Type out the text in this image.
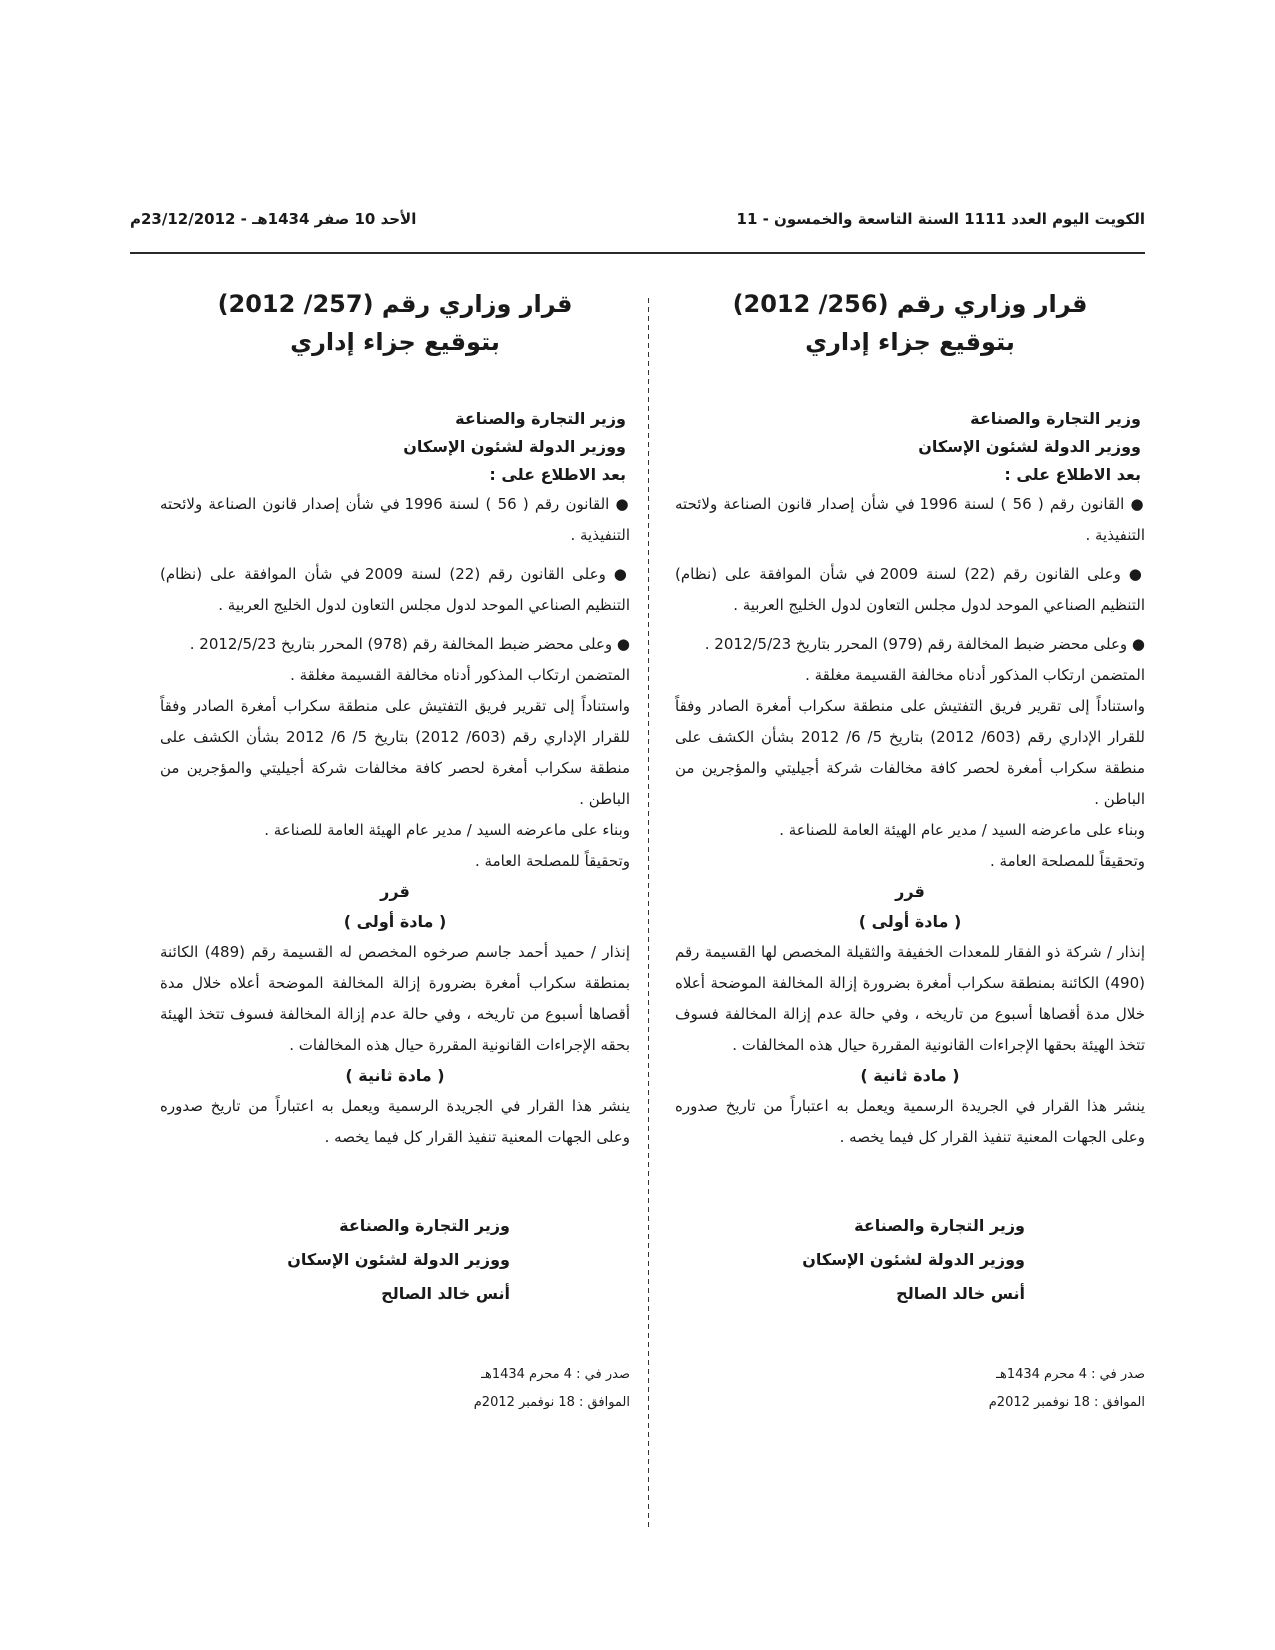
الكويت اليوم العدد 1111 السنة التاسعة والخمسون - 11
الأحد 10 صفر 1434هـ - 23/12/2012م
قرار وزاري رقم (256/ 2012)
بتوقيع جزاء إداري

وزير التجارة والصناعة

ووزير الدولة لشئون الإسكان

بعد الاطلاع على :

● القانون رقم ( 56 ) لسنة 1996 في شأن إصدار قانون الصناعة ولائحته التنفيذية .

● وعلى القانون رقم (22) لسنة 2009 في شأن الموافقة على (نظام) التنظيم الصناعي الموحد لدول مجلس التعاون لدول الخليج العربية .

● وعلى محضر ضبط المخالفة رقم (979) المحرر بتاريخ 2012/5/23 .

المتضمن ارتكاب المذكور أدناه مخالفة القسيمة مغلقة .

واستناداً إلى تقرير فريق التفتيش على منطقة سكراب أمغرة الصادر وفقاً للقرار الإداري رقم (603/ 2012) بتاريخ 5/ 6/ 2012 بشأن الكشف على منطقة سكراب أمغرة لحصر كافة مخالفات شركة أجيليتي والمؤجرين من الباطن .

وبناء على ماعرضه السيد / مدير عام الهيئة العامة للصناعة .

وتحقيقاً للمصلحة العامة .

قرر

( مادة أولى )

إنذار / شركة ذو الفقار للمعدات الخفيفة والثقيلة المخصص لها القسيمة رقم (490) الكائنة بمنطقة سكراب أمغرة بضرورة إزالة المخالفة الموضحة أعلاه خلال مدة أقصاها أسبوع من تاريخه ، وفي حالة عدم إزالة المخالفة فسوف تتخذ الهيئة بحقها الإجراءات القانونية المقررة حيال هذه المخالفات .

( مادة ثانية )

ينشر هذا القرار في الجريدة الرسمية ويعمل به اعتباراً من تاريخ صدوره وعلى الجهات المعنية تنفيذ القرار كل فيما يخصه .

وزير التجارة والصناعة
ووزير الدولة لشئون الإسكان
أنس خالد الصالح
صدر في : 4 محرم 1434هـ
الموافق : 18 نوفمبر 2012م
قرار وزاري رقم (257/ 2012)
بتوقيع جزاء إداري

وزير التجارة والصناعة

ووزير الدولة لشئون الإسكان

بعد الاطلاع على :

● القانون رقم ( 56 ) لسنة 1996 في شأن إصدار قانون الصناعة ولائحته التنفيذية .

● وعلى القانون رقم (22) لسنة 2009 في شأن الموافقة على (نظام) التنظيم الصناعي الموحد لدول مجلس التعاون لدول الخليج العربية .

● وعلى محضر ضبط المخالفة رقم (978) المحرر بتاريخ 2012/5/23 .

المتضمن ارتكاب المذكور أدناه مخالفة القسيمة مغلقة .

واستناداً إلى تقرير فريق التفتيش على منطقة سكراب أمغرة الصادر وفقاً للقرار الإداري رقم (603/ 2012) بتاريخ 5/ 6/ 2012 بشأن الكشف على منطقة سكراب أمغرة لحصر كافة مخالفات شركة أجيليتي والمؤجرين من الباطن .

وبناء على ماعرضه السيد / مدير عام الهيئة العامة للصناعة .

وتحقيقاً للمصلحة العامة .

قرر

( مادة أولى )

إنذار / حميد أحمد جاسم صرخوه المخصص له القسيمة رقم (489) الكائنة بمنطقة سكراب أمغرة بضرورة إزالة المخالفة الموضحة أعلاه خلال مدة أقصاها أسبوع من تاريخه ، وفي حالة عدم إزالة المخالفة فسوف تتخذ الهيئة بحقه الإجراءات القانونية المقررة حيال هذه المخالفات .

( مادة ثانية )

ينشر هذا القرار في الجريدة الرسمية ويعمل به اعتباراً من تاريخ صدوره وعلى الجهات المعنية تنفيذ القرار كل فيما يخصه .

وزير التجارة والصناعة
ووزير الدولة لشئون الإسكان
أنس خالد الصالح
صدر في : 4 محرم 1434هـ
الموافق : 18 نوفمبر 2012م
